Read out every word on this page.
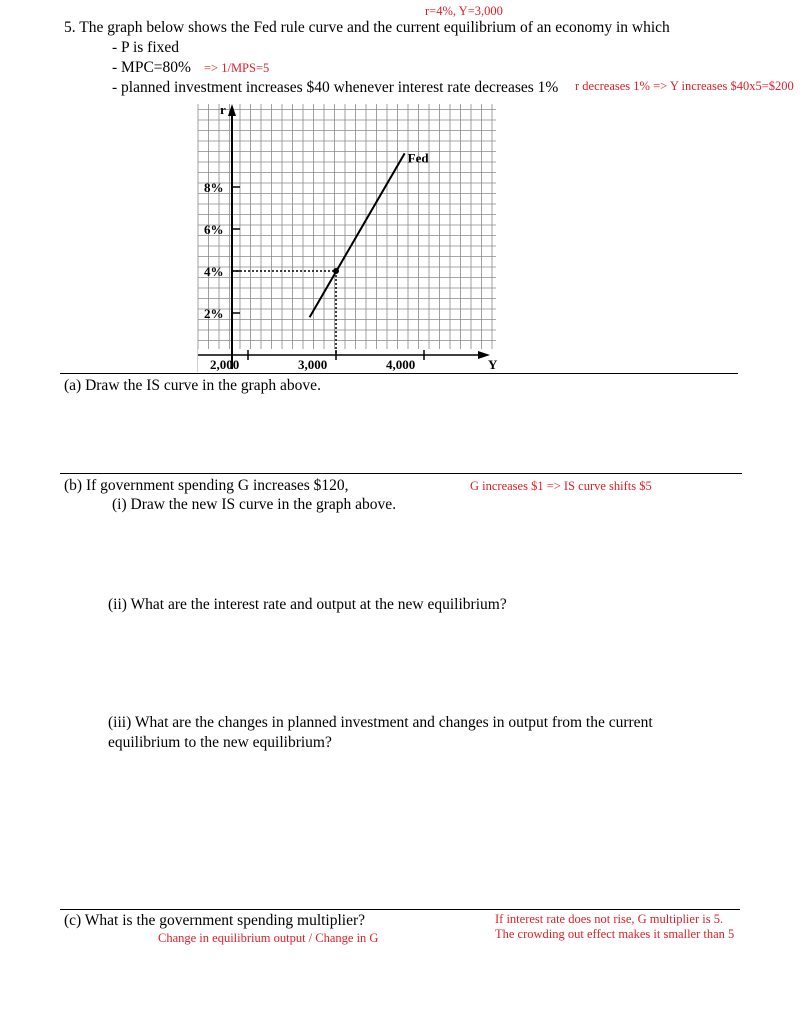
r=4%, Y=3,000
5. The graph below shows the Fed rule curve and the current equilibrium of an economy in which
- P is fixed
- MPC=80% => 1/MPS=5
- planned investment increases $40 whenever interest rate decreases 1% r decreases 1% => Y increases $40x5=$200
r
Y
8%
6%
4%
2%
2,000	3,000	4,000
Fed
(a) Draw the IS curve in the graph above.
(b) If government spending G increases $120,	G increases $1 => IS curve shifts $5
(i) Draw the new IS curve in the graph above.
(ii) What are the interest rate and output at the new equilibrium?
(iii) What are the changes in planned investment and changes in output from the current
equilibrium to the new equilibrium?
(c) What is the government spending multiplier?
Change in equilibrium output / Change in G
If interest rate does not rise, G multiplier is 5.
The crowding out effect makes it smaller than 5
